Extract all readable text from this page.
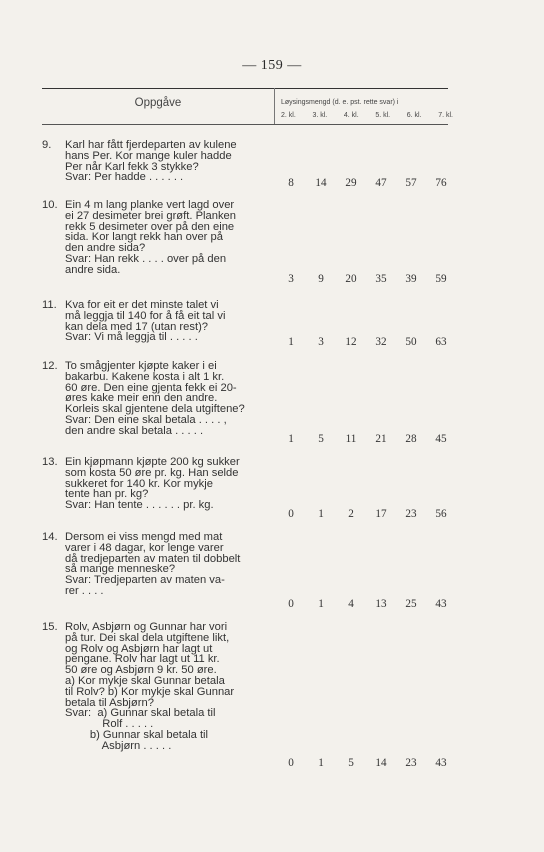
— 159 —
Oppgåve	Løysingsmengd (d. e. pst. rette svar) i
2. kl. 3. kl. 4. kl. 5. kl. 6. kl. 7. kl.
9. Karl har fått fjerdeparten av kulene
hans Per. Kor mange kuler hadde
Per når Karl fekk 3 stykke?
Svar: Per hadde . . . . . .	8	14	29	47	57	76
10. Ein 4 m lang planke vert lagd over
ei 27 desimeter brei grøft. Planken
rekk 5 desimeter over på den eine
sida. Kor langt rekk han over på
den andre sida?
Svar: Han rekk . . . . over på den
andre sida.
3	9	20	35	39	59
11. Kva for eit er det minste talet vi
må leggja til 140 for å få eit tal vi
kan dela med 17 (utan rest)?
Svar: Vi må leggja til . . . . .	1	3	12	32	50	63
12. To smågjenter kjøpte kaker i ei
bakarbu. Kakene kosta i alt 1 kr.
60 øre. Den eine gjenta fekk ei 20-
øres kake meir enn den andre.
Korleis skal gjentene dela utgiftene?
Svar: Den eine skal betala . . . . ,
den andre skal betala . . . . .
1	5	11	21	28	45
13. Ein kjøpmann kjøpte 200 kg sukker
som kosta 50 øre pr. kg. Han selde
sukkeret for 140 kr. Kor mykje
tente han pr. kg?
Svar: Han tente . . . . . . pr. kg.
0	1	2	17	23	56
14. Dersom ei viss mengd med mat
varer i 48 dagar, kor lenge varer
då tredjeparten av maten til dobbelt
så mange menneske?
Svar: Tredjeparten av maten va-
rer . . . .
0	1	4	13	25	43
15. Rolv, Asbjørn og Gunnar har vori
på tur. Dei skal dela utgiftene likt,
og Rolv og Asbjørn har lagt ut
pengane. Rolv har lagt ut 11 kr.
50 øre og Asbjørn 9 kr. 50 øre.
a) Kor mykje skal Gunnar betala
til Rolv? b) Kor mykje skal Gunnar
betala til Asbjørn?
Svar:  a) Gunnar skal betala til
Rolf . . . . .
b) Gunnar skal betala til
Asbjørn . . . . .
0	1	5	14	23	43
